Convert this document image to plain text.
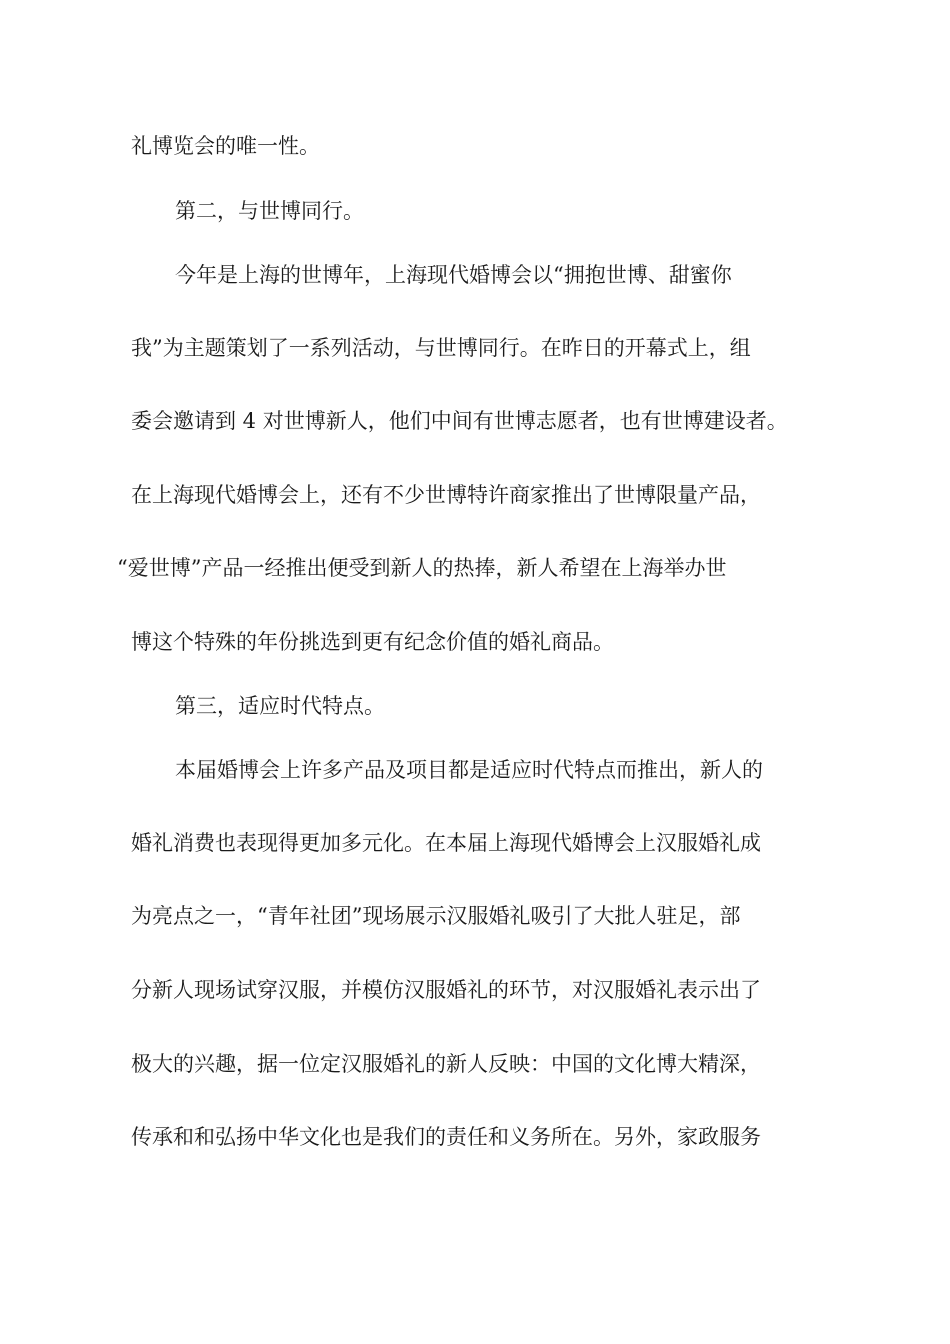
礼博览会的唯一性。
第二，与世博同行。
今年是上海的世博年，上海现代婚博会以“拥抱世博、甜蜜你
我”为主题策划了一系列活动，与世博同行。在昨日的开幕式上，组
委会邀请到 4 对世博新人，他们中间有世博志愿者，也有世博建设者。
在上海现代婚博会上，还有不少世博特许商家推出了世博限量产品，
“爱世博”产品一经推出便受到新人的热捧，新人希望在上海举办世
博这个特殊的年份挑选到更有纪念价值的婚礼商品。
第三，适应时代特点。
本届婚博会上许多产品及项目都是适应时代特点而推出，新人的
婚礼消费也表现得更加多元化。在本届上海现代婚博会上汉服婚礼成
为亮点之一，“青年社团”现场展示汉服婚礼吸引了大批人驻足，部
分新人现场试穿汉服，并模仿汉服婚礼的环节，对汉服婚礼表示出了
极大的兴趣，据一位定汉服婚礼的新人反映：中国的文化博大精深，
传承和和弘扬中华文化也是我们的责任和义务所在。另外，家政服务
